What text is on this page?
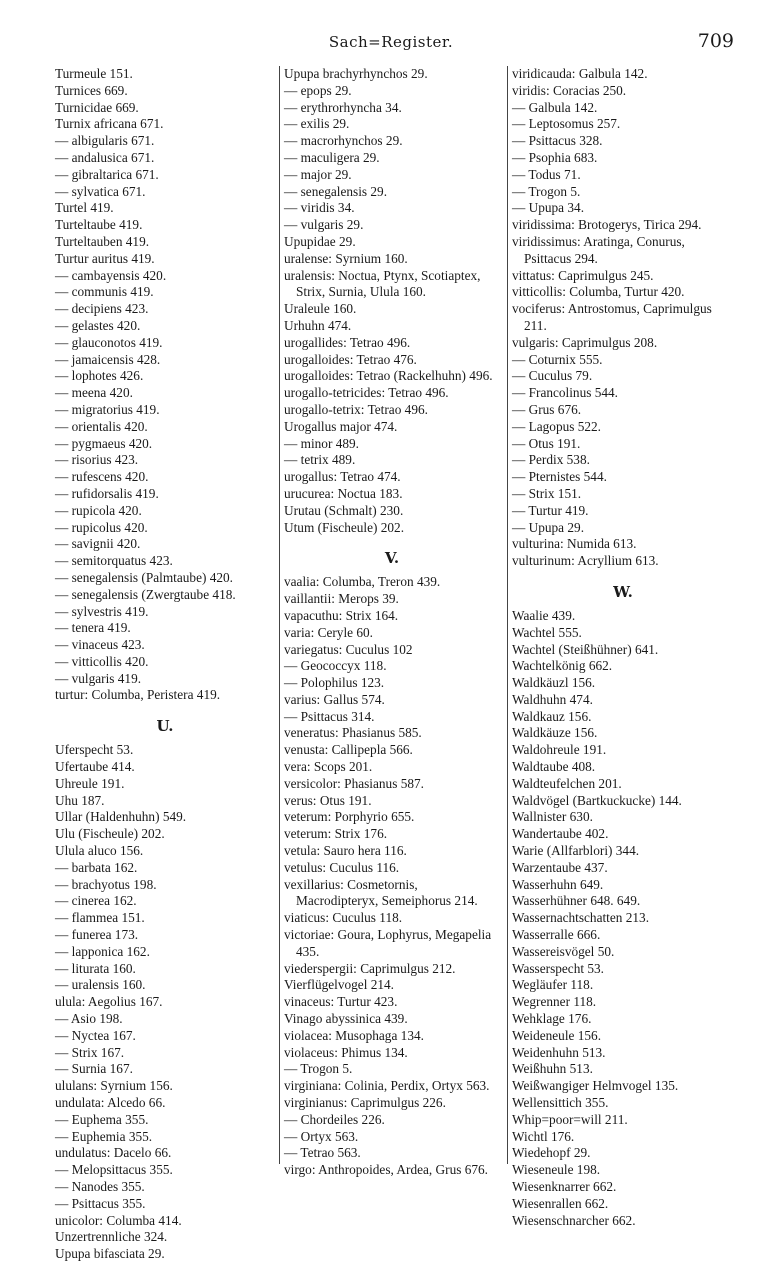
Sach=Register.	709
Turmeule 151.
Turnices 669.
Turnicidae 669.
Turnix africana 671.
— albigularis 671.
— andalusica 671.
— gibraltarica 671.
— sylvatica 671.
Turtel 419.
Turteltaube 419.
Turteltauben 419.
Turtur auritus 419.
— cambayensis 420.
— communis 419.
— decipiens 423.
— gelastes 420.
— glauconotos 419.
— jamaicensis 428.
— lophotes 426.
— meena 420.
— migratorius 419.
— orientalis 420.
— pygmaeus 420.
— risorius 423.
— rufescens 420.
— rufidorsalis 419.
— rupicola 420.
— rupicolus 420.
— savignii 420.
— semitorquatus 423.
— senegalensis (Palmtaube) 420.
— senegalensis (Zwergtaube 418.
— sylvestris 419.
— tenera 419.
— vinaceus 423.
— vitticollis 420.
— vulgaris 419.
turtur: Columba, Peristera 419.
U.
Uferspecht 53.
Ufertaube 414.
Uhreule 191.
Uhu 187.
Ullar (Haldenhuhn) 549.
Ulu (Fischeule) 202.
Ulula aluco 156.
— barbata 162.
— brachyotus 198.
— cinerea 162.
— flammea 151.
— funerea 173.
— lapponica 162.
— liturata 160.
— uralensis 160.
ulula: Aegolius 167.
— Asio 198.
— Nyctea 167.
— Strix 167.
— Surnia 167.
ululans: Syrnium 156.
undulata: Alcedo 66.
— Euphema 355.
— Euphemia 355.
undulatus: Dacelo 66.
— Melopsittacus 355.
— Nanodes 355.
— Psittacus 355.
unicolor: Columba 414.
Unzertrennliche 324.
Upupa bifasciata 29.
Upupa brachyrhynchos 29.
— epops 29.
— erythrorhyncha 34.
— exilis 29.
— macrorhynchos 29.
— maculigera 29.
— major 29.
— senegalensis 29.
— viridis 34.
— vulgaris 29.
Upupidae 29.
uralense: Syrnium 160.
uralensis: Noctua, Ptynx, Scotiaptex, Strix, Surnia, Ulula 160.
Uraleule 160.
Urhuhn 474.
urogallides: Tetrao 496.
urogalloides: Tetrao 476.
urogalloides: Tetrao (Rackelhuhn) 496.
urogallo-tetricides: Tetrao 496.
urogallo-tetrix: Tetrao 496.
Urogallus major 474.
— minor 489.
— tetrix 489.
urogallus: Tetrao 474.
urucurea: Noctua 183.
Urutau (Schmalt) 230.
Utum (Fischeule) 202.
V.
vaalia: Columba, Treron 439.
vaillantii: Merops 39.
vapacuthu: Strix 164.
varia: Ceryle 60.
variegatus: Cuculus 102
— Geococcyx 118.
— Polophilus 123.
varius: Gallus 574.
— Psittacus 314.
veneratus: Phasianus 585.
venusta: Callipepla 566.
vera: Scops 201.
versicolor: Phasianus 587.
verus: Otus 191.
veterum: Porphyrio 655.
veterum: Strix 176.
vetula: Sauro hera 116.
vetulus: Cuculus 116.
vexillarius: Cosmetornis, Macrodipteryx, Semeiphorus 214.
viaticus: Cuculus 118.
victoriae: Goura, Lophyrus, Megapelia 435.
viederspergii: Caprimulgus 212.
Vierflügelvogel 214.
vinaceus: Turtur 423.
Vinago abyssinica 439.
violacea: Musophaga 134.
violaceus: Phimus 134.
— Trogon 5.
virginiana: Colinia, Perdix, Ortyx 563.
virginianus: Caprimulgus 226.
— Chordeiles 226.
— Ortyx 563.
— Tetrao 563.
virgo: Anthropoides, Ardea, Grus 676.
viridicauda: Galbula 142.
viridis: Coracias 250.
— Galbula 142.
— Leptosomus 257.
— Psittacus 328.
— Psophia 683.
— Todus 71.
— Trogon 5.
— Upupa 34.
viridissima: Brotogerys, Tirica 294.
viridissimus: Aratinga, Conurus, Psittacus 294.
vittatus: Caprimulgus 245.
vitticollis: Columba, Turtur 420.
vociferus: Antrostomus, Caprimulgus 211.
vulgaris: Caprimulgus 208.
— Coturnix 555.
— Cuculus 79.
— Francolinus 544.
— Grus 676.
— Lagopus 522.
— Otus 191.
— Perdix 538.
— Pternistes 544.
— Strix 151.
— Turtur 419.
— Upupa 29.
vulturina: Numida 613.
vulturinum: Acryllium 613.
W.
Waalie 439.
Wachtel 555.
Wachtel (Steißhühner) 641.
Wachtelkönig 662.
Waldkäuzl 156.
Waldhuhn 474.
Waldkauz 156.
Waldkäuze 156.
Waldohreule 191.
Waldtaube 408.
Waldteufelchen 201.
Waldvögel (Bartkuckucke) 144.
Wallnister 630.
Wandertaube 402.
Warie (Allfarblori) 344.
Warzentaube 437.
Wasserhuhn 649.
Wasserhühner 648. 649.
Wassernachtschatten 213.
Wasserralle 666.
Wassereisvögel 50.
Wasserspecht 53.
Wegläufer 118.
Wegrenner 118.
Wehklage 176.
Weideneule 156.
Weidenhuhn 513.
Weißhuhn 513.
Weißwangiger Helmvogel 135.
Wellensittich 355.
Whip=poor=will 211.
Wichtl 176.
Wiedehopf 29.
Wieseneule 198.
Wiesenknarrer 662.
Wiesenrallen 662.
Wiesenschnarcher 662.
